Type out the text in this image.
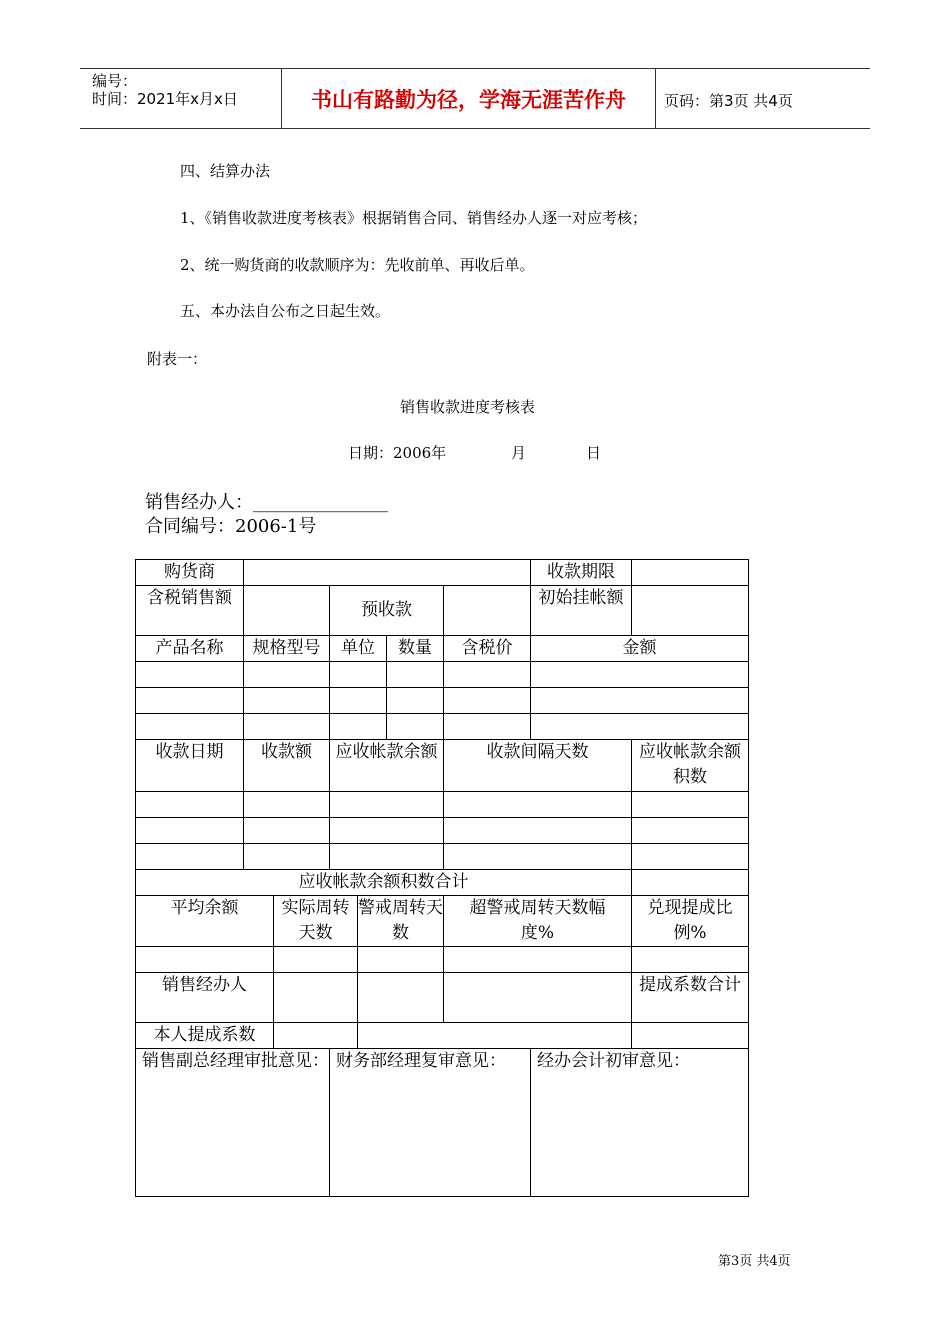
编号：
时间：2021年x月x日	书山有路勤为径，学海无涯苦作舟	页码：第3页 共4页
四、结算办法
1、《销售收款进度考核表》根据销售合同、销售经办人逐一对应考核；
2、统一购货商的收款顺序为：先收前单、再收后单。
五、本办法自公布之日起生效。
附表一：
销售收款进度考核表
日期：2006年	月	日
销售经办人：_______________
合同编号：2006-1号
购货商							收款期限	
含税销售额			预收款				初始挂帐额	
产品名称	规格型号		单位		数量	含税价	金额	

收款日期	收款额		应收帐款余额			收款间隔天数		应收帐款余额积数

应收帐款余额积数合计								
平均余额		实际周转天数		警戒周转天数		超警戒周转天数幅度%		兑现提成比例%

销售经办人								提成系数合计
本人提成系数								
销售副总经理审批意见：			财务部经理复审意见：				经办会计初审意见：	
第3页 共4页
